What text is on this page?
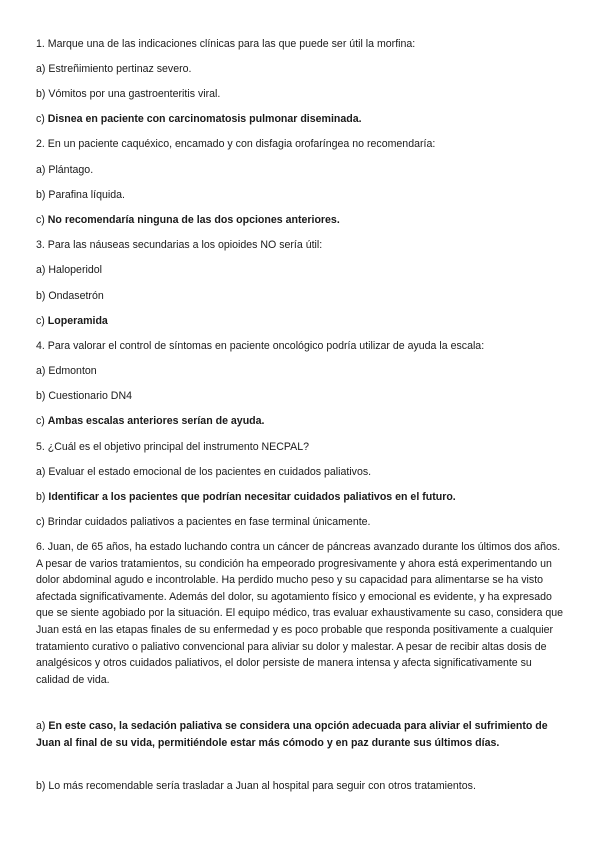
1. Marque una de las indicaciones clínicas para las que puede ser útil la morfina:
a) Estreñimiento pertinaz severo.
b) Vómitos por una gastroenteritis viral.
c) Disnea en paciente con carcinomatosis pulmonar diseminada.
2. En un paciente caquéxico, encamado y con disfagia orofaríngea no recomendaría:
a) Plántago.
b) Parafina líquida.
c) No recomendaría ninguna de las dos opciones anteriores.
3. Para las náuseas secundarias a los opioides NO sería útil:
a) Haloperidol
b) Ondasetrón
c) Loperamida
4. Para valorar el control de síntomas en paciente oncológico podría utilizar de ayuda la escala:
a) Edmonton
b) Cuestionario DN4
c) Ambas escalas anteriores serían de ayuda.
5. ¿Cuál es el objetivo principal del instrumento NECPAL?
a) Evaluar el estado emocional de los pacientes en cuidados paliativos.
b) Identificar a los pacientes que podrían necesitar cuidados paliativos en el futuro.
c) Brindar cuidados paliativos a pacientes en fase terminal únicamente.
6. Juan, de 65 años, ha estado luchando contra un cáncer de páncreas avanzado durante los últimos dos años. A pesar de varios tratamientos, su condición ha empeorado progresivamente y ahora está experimentando un dolor abdominal agudo e incontrolable. Ha perdido mucho peso y su capacidad para alimentarse se ha visto afectada significativamente. Además del dolor, su agotamiento físico y emocional es evidente, y ha expresado que se siente agobiado por la situación. El equipo médico, tras evaluar exhaustivamente su caso, considera que Juan está en las etapas finales de su enfermedad y es poco probable que responda positivamente a cualquier tratamiento curativo o paliativo convencional para aliviar su dolor y malestar. A pesar de recibir altas dosis de analgésicos y otros cuidados paliativos, el dolor persiste de manera intensa y afecta significativamente su calidad de vida.
a) En este caso, la sedación paliativa se considera una opción adecuada para aliviar el sufrimiento de Juan al final de su vida, permitiéndole estar más cómodo y en paz durante sus últimos días.
b) Lo más recomendable sería trasladar a Juan al hospital para seguir con otros tratamientos.
